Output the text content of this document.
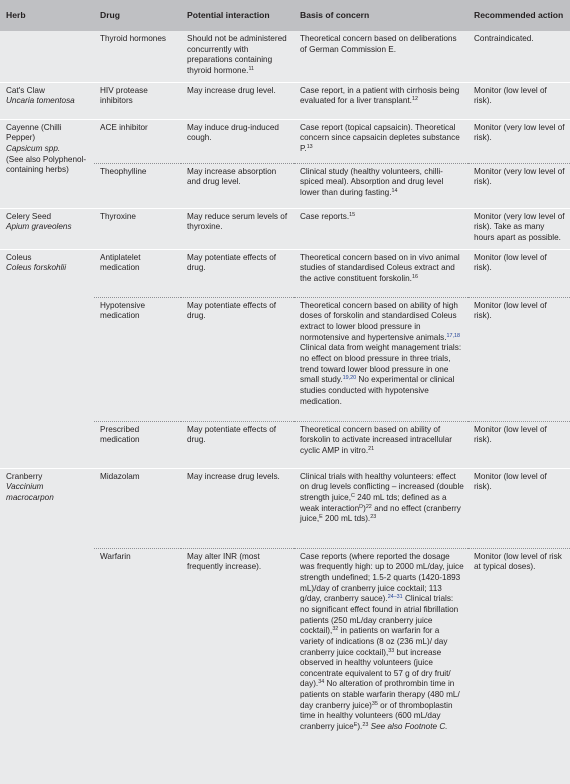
Herb	Drug	Potential interaction	Basis of concern	Recommended action
	Thyroid hormones	Should not be administered concurrently with preparations containing thyroid hormone.$^{11}$	Theoretical concern based on deliberations of German Commission E.	Contraindicated.

Cat's Claw
Uncaria tomentosa	HIV protease inhibitors	May increase drug level.	Case report, in a patient with cirrhosis being evaluated for a liver transplant.$^{12}$	Monitor (low level of risk).

Cayenne (Chilli Pepper)
Capsicum spp.
(See also Polyphenol-containing herbs)	ACE inhibitor	May induce drug-induced cough.	Case report (topical capsaicin). Theoretical concern since capsaicin depletes substance P.$^{13}$	Monitor (very low level of risk).
	Theophylline	May increase absorption and drug level.	Clinical study (healthy volunteers, chilli-spiced meal). Absorption and drug level lower than during fasting.$^{14}$	Monitor (very low level of risk).

Celery Seed
Apium graveolens	Thyroxine	May reduce serum levels of thyroxine.	Case reports.$^{15}$	Monitor (very low level of risk). Take as many hours apart as possible.

Coleus
Coleus forskohlii	Antiplatelet medication	May potentiate effects of drug.	Theoretical concern based on in vivo animal studies of standardised Coleus extract and the active constituent forskolin.$^{16}$	Monitor (low level of risk).
	Hypotensive medication	May potentiate effects of drug.	Theoretical concern based on ability of high doses of forskolin and standardised Coleus extract to lower blood pressure in normotensive and hypertensive animals.$^{17,18}$ Clinical data from weight management trials: no effect on blood pressure in three trials, trend toward lower blood pressure in one small study.$^{19,20}$ No experimental or clinical studies conducted with hypotensive medication.	Monitor (low level of risk).
	Prescribed medication	May potentiate effects of drug.	Theoretical concern based on ability of forskolin to activate increased intracellular cyclic AMP in vitro.$^{21}$	Monitor (low level of risk).

Cranberry
Vaccinium macrocarpon	Midazolam	May increase drug levels.	Clinical trials with healthy volunteers: effect on drug levels conflicting – increased (double strength juice,$^C$ 240 mL tds; defined as a weak interaction$^D$)$^{22}$ and no effect (cranberry juice,$^E$ 200 mL tds).$^{23}$	Monitor (low level of risk).
	Warfarin	May alter INR (most frequently increase).	Case reports (where reported the dosage was frequently high: up to 2000 mL/day, juice strength undefined; 1.5-2 quarts (1420-1893 mL)/day of cranberry juice cocktail; 113 g/day, cranberry sauce).$^{24-31}$ Clinical trials: no significant effect found in atrial fibrillation patients (250 mL/day cranberry juice cocktail),$^{32}$ in patients on warfarin for a variety of indications (8 oz (236 mL)/ day cranberry juice cocktail),$^{33}$ but increase observed in healthy volunteers (juice concentrate equivalent to 57 g of dry fruit/ day).$^{34}$ No alteration of prothrombin time in patients on stable warfarin therapy (480 mL/ day cranberry juice)$^{35}$ or of thromboplastin time in healthy volunteers (600 mL/day cranberry juice$^E$).$^{23}$ See also Footnote C.	Monitor (low level of risk at typical doses).
